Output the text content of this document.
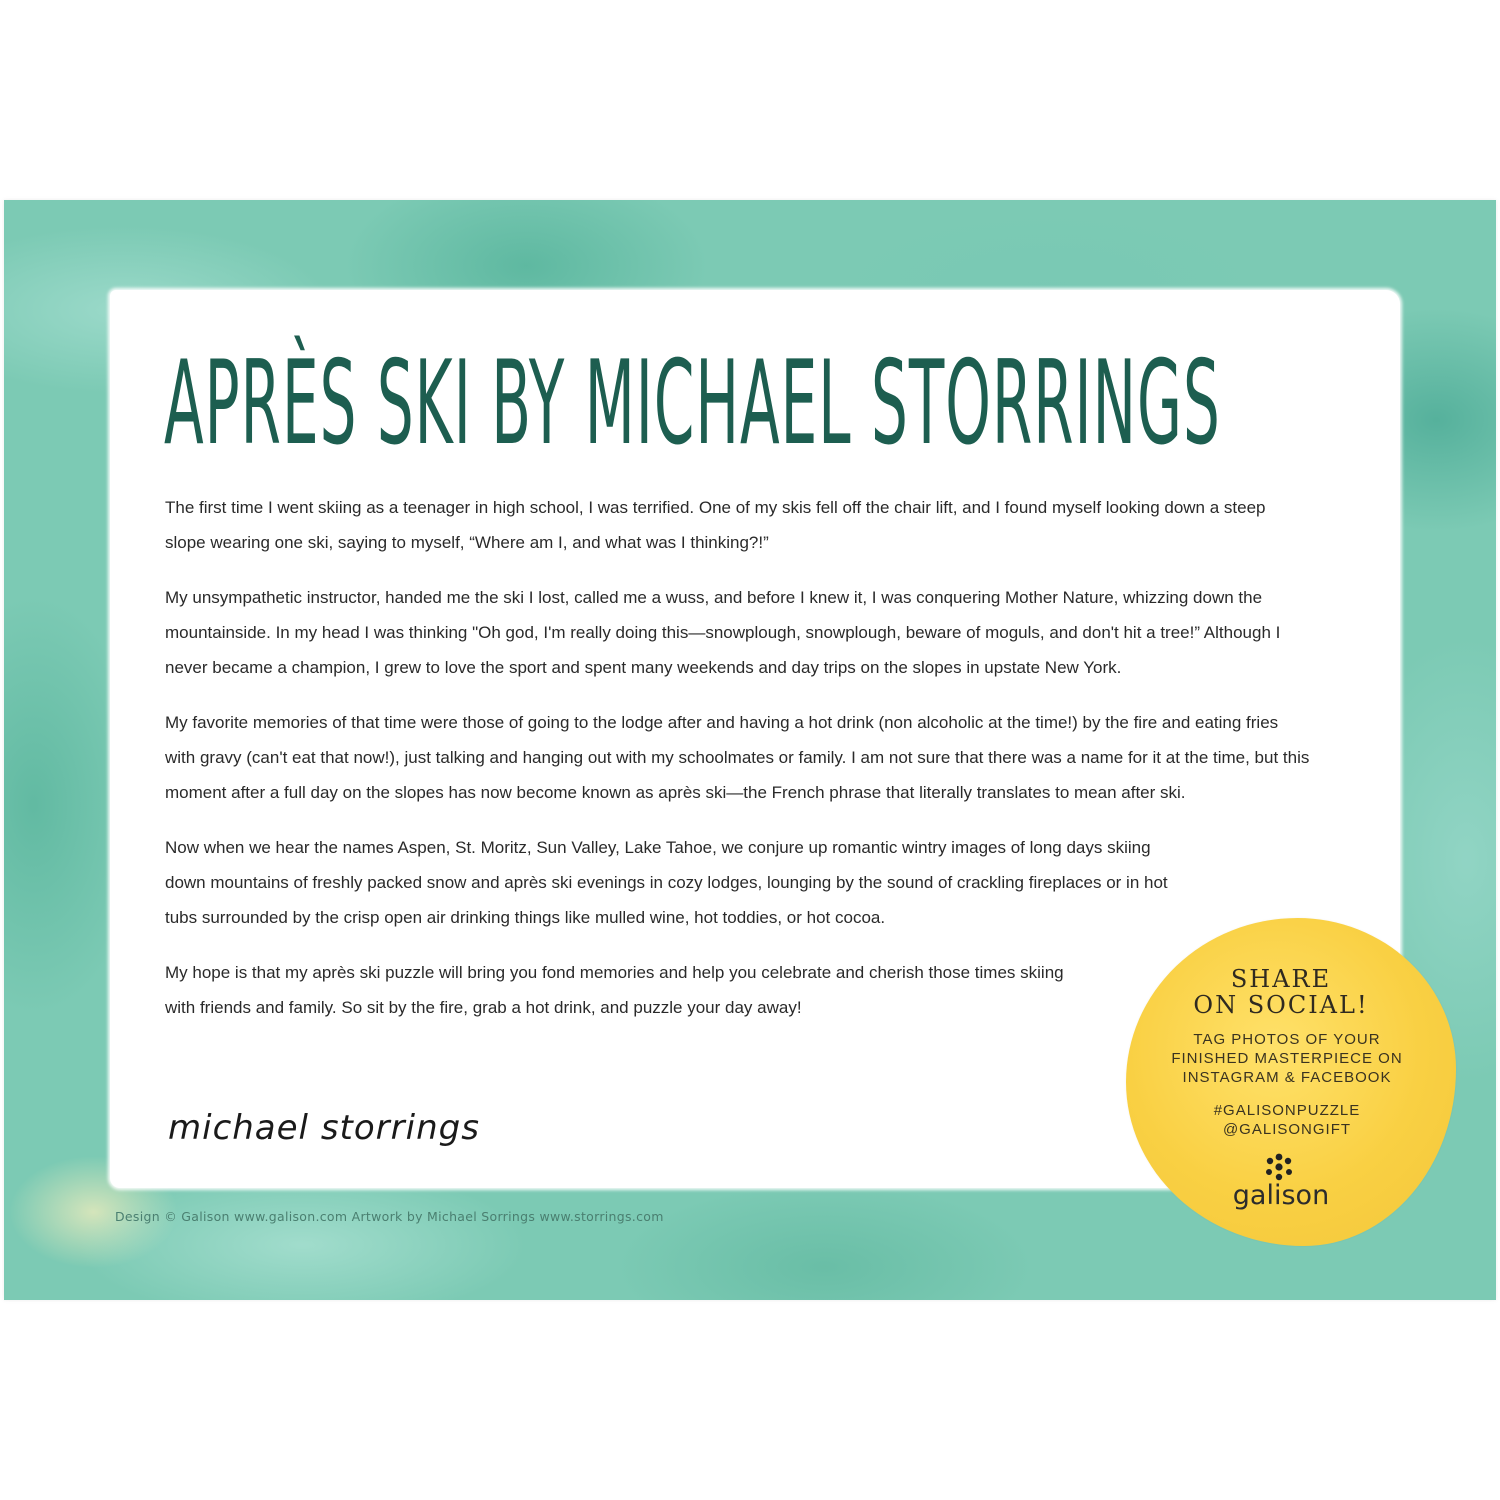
APRÈS SKI BY MICHAEL STORRINGS

The first time I went skiing as a teenager in high school, I was terrified. One of my skis fell off the chair lift, and I found myself looking down a steep slope wearing one ski, saying to myself, “Where am I, and what was I thinking?!”

My unsympathetic instructor, handed me the ski I lost, called me a wuss, and before I knew it, I was conquering Mother Nature, whizzing down the mountainside. In my head I was thinking "Oh god, I'm really doing this—snowplough, snowplough, beware of moguls, and don't hit a tree!” Although I never became a champion, I grew to love the sport and spent many weekends and day trips on the slopes in upstate New York.

My favorite memories of that time were those of going to the lodge after and having a hot drink (non alcoholic at the time!) by the fire and eating fries with gravy (can't eat that now!), just talking and hanging out with my schoolmates or family. I am not sure that there was a name for it at the time, but this moment after a full day on the slopes has now become known as après ski—the French phrase that literally translates to mean after ski.

Now when we hear the names Aspen, St. Moritz, Sun Valley, Lake Tahoe, we conjure up romantic wintry images of long days skiing down mountains of freshly packed snow and après ski evenings in cozy lodges, lounging by the sound of crackling fireplaces or in hot tubs surrounded by the crisp open air drinking things like mulled wine, hot toddies, or hot cocoa.

My hope is that my après ski puzzle will bring you fond memories and help you celebrate and cherish those times skiing with friends and family. So sit by the fire, grab a hot drink, and puzzle your day away!

michael storrings
Design © Galison www.galison.com Artwork by Michael Sorrings www.storrings.com
SHARE
ON SOCIAL!
TAG PHOTOS OF YOUR
FINISHED MASTERPIECE ON
INSTAGRAM & FACEBOOK
#GALISONPUZZLE
@GALISONGIFT
galison
